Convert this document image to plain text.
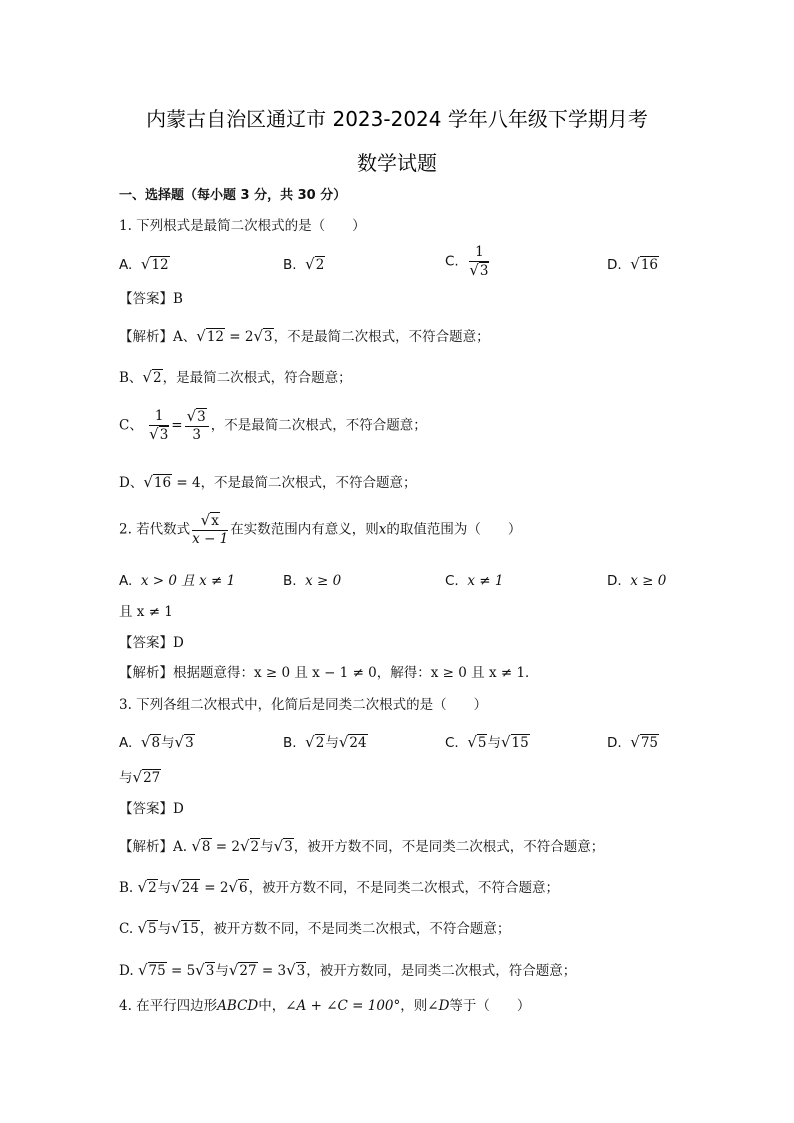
内蒙古自治区通辽市 2023-2024 学年八年级下学期月考
数学试题
一、选择题（每小题 3 分，共 30 分）
1. 下列根式是最简二次根式的是（　　）
A. √12	B. √2	C. $\frac{1}{√3}$	D. √16
【答案】B
【解析】A、√12 = 2√3，不是最简二次根式，不符合题意；
B、√2，是最简二次根式，符合题意；
C、 $\frac{1}{√3} = \frac{√3}{3}$ ，不是最简二次根式，不符合题意；
D、√16 = 4，不是最简二次根式，不符合题意；
2. 若代数式 $\frac{√x}{x - 1}$ 在实数范围内有意义，则x的取值范围为（　　）
A. x > 0 且 x ≠ 1	B. x ≥ 0	C. x ≠ 1	D. x ≥ 0
且 x ≠ 1
【答案】D
【解析】根据题意得：x ≥ 0 且 x − 1 ≠ 0，解得：x ≥ 0 且 x ≠ 1．
3. 下列各组二次根式中，化简后是同类二次根式的是（　　）
A. √8与√3	B. √2与√24	C. √5与√15	D. √75
与√27
【答案】D
【解析】A. √8 = 2√2与√3，被开方数不同，不是同类二次根式，不符合题意；
B. √2与√24 = 2√6，被开方数不同，不是同类二次根式，不符合题意；
C. √5与√15，被开方数不同，不是同类二次根式，不符合题意；
D. √75 = 5√3与√27 = 3√3，被开方数同，是同类二次根式，符合题意；
4. 在平行四边形ABCD中，∠A + ∠C = 100°，则∠D等于（　　）
